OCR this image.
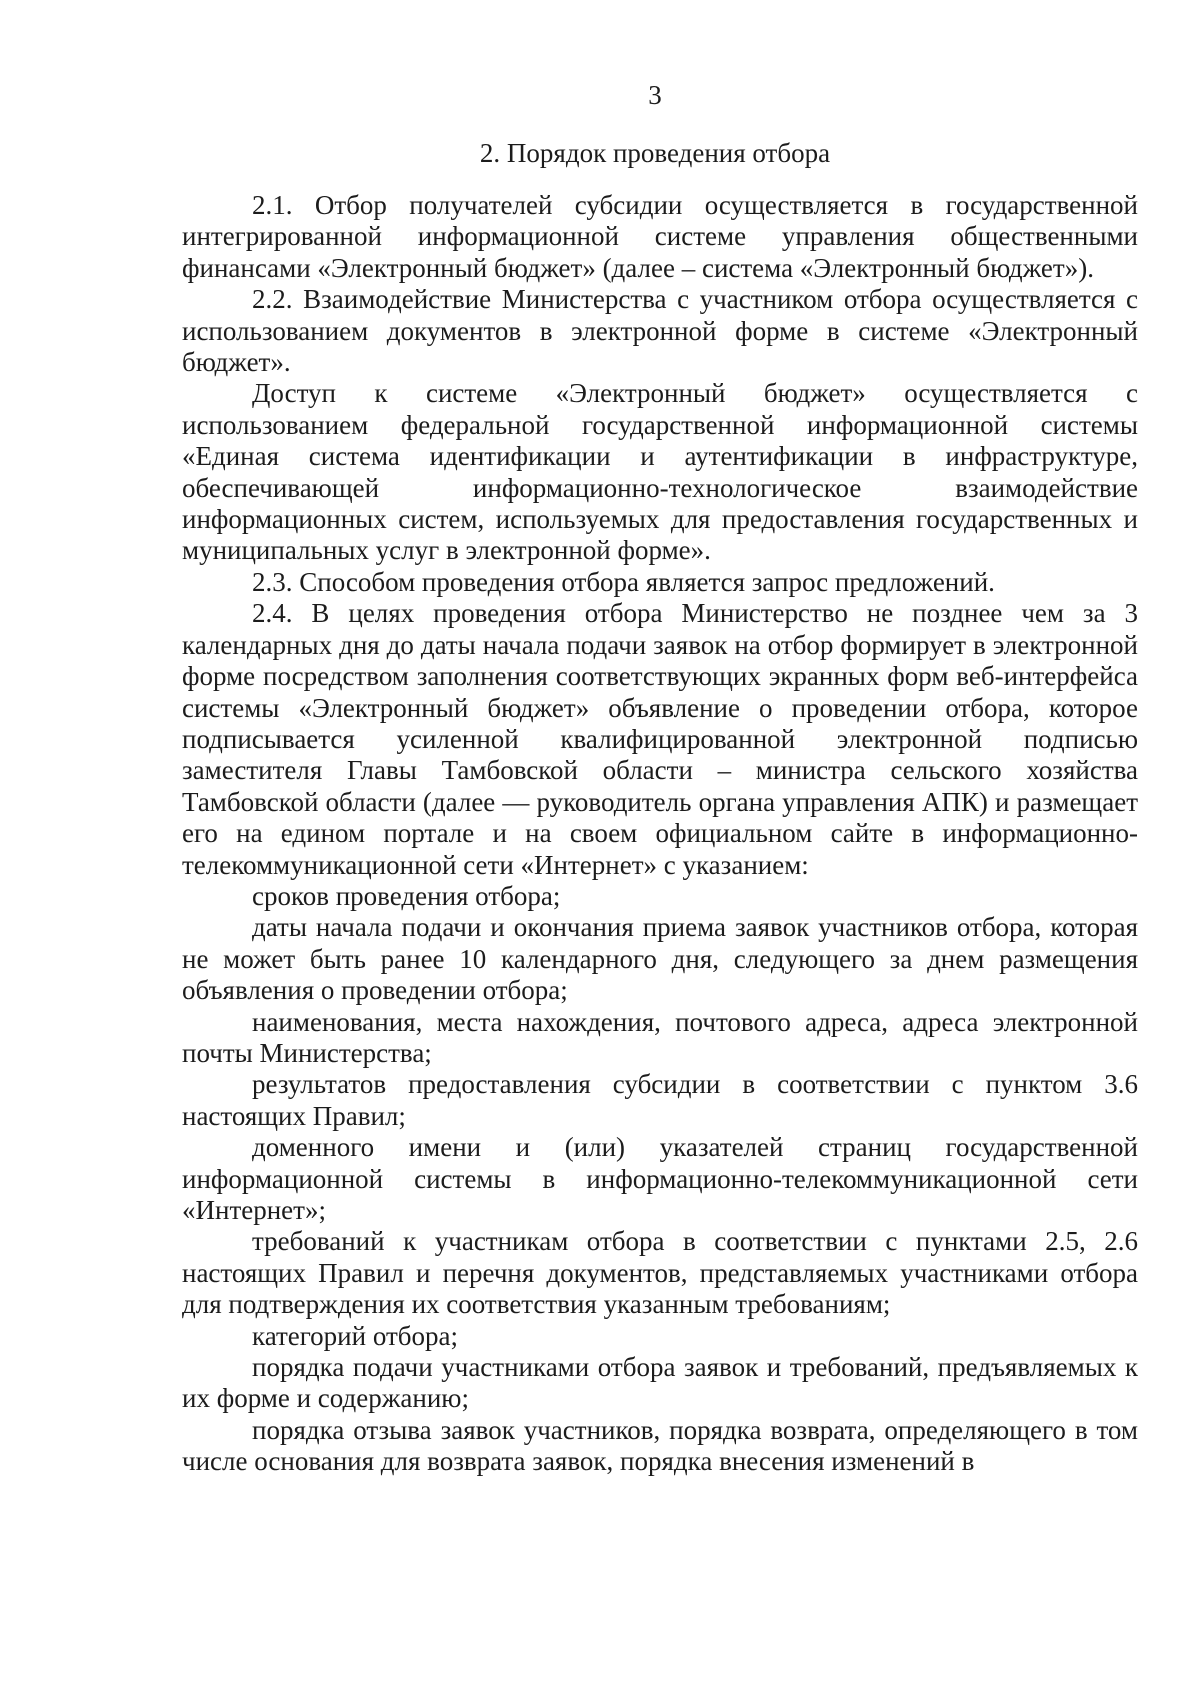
3
2. Порядок проведения отбора

2.1. Отбор получателей субсидии осуществляется в государственной интегрированной информационной системе управления общественными финансами «Электронный бюджет» (далее – система «Электронный бюджет»).

2.2. Взаимодействие Министерства с участником отбора осуществляется с использованием документов в электронной форме в системе «Электронный бюджет».

Доступ к системе «Электронный бюджет» осуществляется с использованием федеральной государственной информационной системы «Единая система идентификации и аутентификации в инфраструктуре, обеспечивающей информационно-технологическое взаимодействие информационных систем, используемых для предоставления государственных и муниципальных услуг в электронной форме».

2.3. Способом проведения отбора является запрос предложений.

2.4. В целях проведения отбора Министерство не позднее чем за 3 календарных дня до даты начала подачи заявок на отбор формирует в электронной форме посредством заполнения соответствующих экранных форм веб-интерфейса системы «Электронный бюджет» объявление о проведении отбора, которое подписывается усиленной квалифицированной электронной подписью заместителя Главы Тамбовской области – министра сельского хозяйства Тамбовской области (далее — руководитель органа управления АПК) и размещает его на едином портале и на своем официальном сайте в информационно-телекоммуникационной сети «Интернет» с указанием:

сроков проведения отбора;

даты начала подачи и окончания приема заявок участников отбора, которая не может быть ранее 10 календарного дня, следующего за днем размещения объявления о проведении отбора;

наименования, места нахождения, почтового адреса, адреса электронной почты Министерства;

результатов предоставления субсидии в соответствии с пунктом 3.6 настоящих Правил;

доменного имени и (или) указателей страниц государственной информационной системы в информационно-телекоммуникационной сети «Интернет»;

требований к участникам отбора в соответствии с пунктами 2.5, 2.6 настоящих Правил и перечня документов, представляемых участниками отбора для подтверждения их соответствия указанным требованиям;

категорий отбора;

порядка подачи участниками отбора заявок и требований, предъявляемых к их форме и содержанию;

порядка отзыва заявок участников, порядка возврата, определяющего в том числе основания для возврата заявок, порядка внесения изменений в
